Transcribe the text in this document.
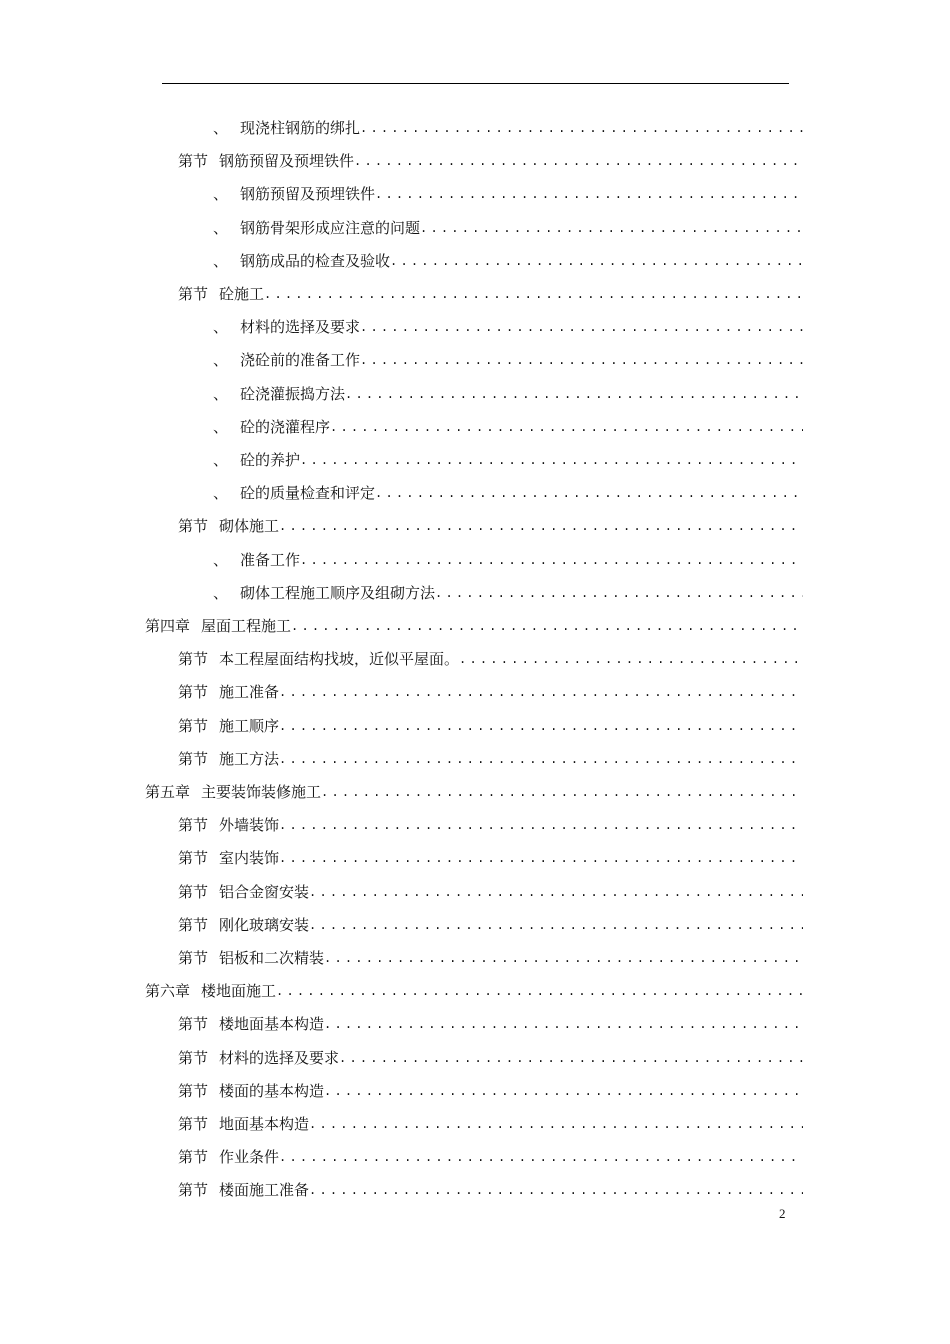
、 现浇柱钢筋的绑扎
.....
第节 钢筋预留及预埋铁件
.....
、 钢筋预留及预埋铁件
.....
、 钢筋骨架形成应注意的问题
.....
、 钢筋成品的检查及验收
.....
第节 砼施工
.....
、 材料的选择及要求
.....
、 浇砼前的准备工作
.....
、 砼浇灌振捣方法
.....
、 砼的浇灌程序
.....
、 砼的养护
.....
、 砼的质量检查和评定
.....
第节 砌体施工
.....
、 准备工作
.....
、 砌体工程施工顺序及组砌方法
.....
第四章 屋面工程施工
.....
第节 本工程屋面结构找坡，近似平屋面。
.....
第节 施工准备
.....
第节 施工顺序
.....
第节 施工方法
.....
第五章 主要装饰装修施工
.....
第节 外墙装饰
.....
第节 室内装饰
.....
第节 铝合金窗安装
.....
第节 刚化玻璃安装
.....
第节 铝板和二次精装
.....
第六章 楼地面施工
.....
第节 楼地面基本构造
.....
第节 材料的选择及要求
.....
第节 楼面的基本构造
.....
第节 地面基本构造
.....
第节 作业条件
.....
第节 楼面施工准备
.....
2
